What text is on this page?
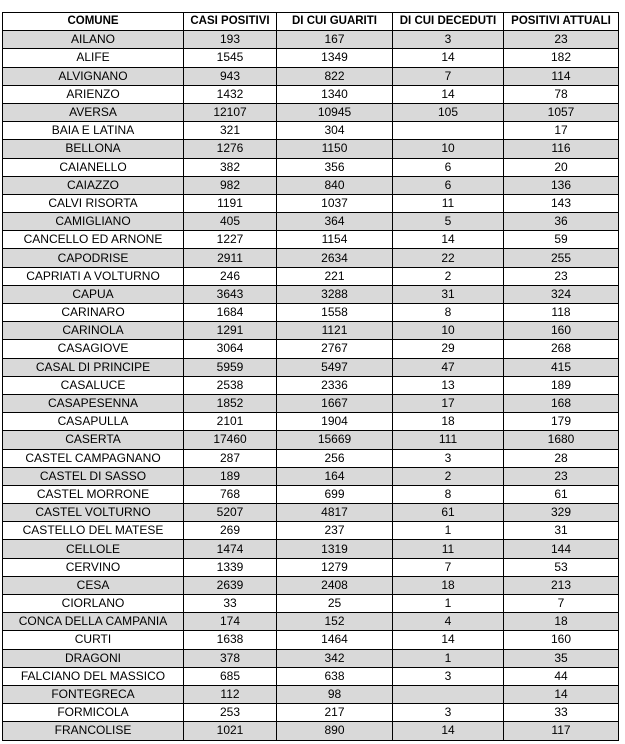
COMUNE	CASI POSITIVI	DI CUI GUARITI	DI CUI DECEDUTI	POSITIVI ATTUALI
AILANO	193	167	3	23
ALIFE	1545	1349	14	182
ALVIGNANO	943	822	7	114
ARIENZO	1432	1340	14	78
AVERSA	12107	10945	105	1057
BAIA E LATINA	321	304		17
BELLONA	1276	1150	10	116
CAIANELLO	382	356	6	20
CAIAZZO	982	840	6	136
CALVI RISORTA	1191	1037	11	143
CAMIGLIANO	405	364	5	36
CANCELLO ED ARNONE	1227	1154	14	59
CAPODRISE	2911	2634	22	255
CAPRIATI A VOLTURNO	246	221	2	23
CAPUA	3643	3288	31	324
CARINARO	1684	1558	8	118
CARINOLA	1291	1121	10	160
CASAGIOVE	3064	2767	29	268
CASAL DI PRINCIPE	5959	5497	47	415
CASALUCE	2538	2336	13	189
CASAPESENNA	1852	1667	17	168
CASAPULLA	2101	1904	18	179
CASERTA	17460	15669	111	1680
CASTEL CAMPAGNANO	287	256	3	28
CASTEL DI SASSO	189	164	2	23
CASTEL MORRONE	768	699	8	61
CASTEL VOLTURNO	5207	4817	61	329
CASTELLO DEL MATESE	269	237	1	31
CELLOLE	1474	1319	11	144
CERVINO	1339	1279	7	53
CESA	2639	2408	18	213
CIORLANO	33	25	1	7
CONCA DELLA CAMPANIA	174	152	4	18
CURTI	1638	1464	14	160
DRAGONI	378	342	1	35
FALCIANO DEL MASSICO	685	638	3	44
FONTEGRECA	112	98		14
FORMICOLA	253	217	3	33
FRANCOLISE	1021	890	14	117
